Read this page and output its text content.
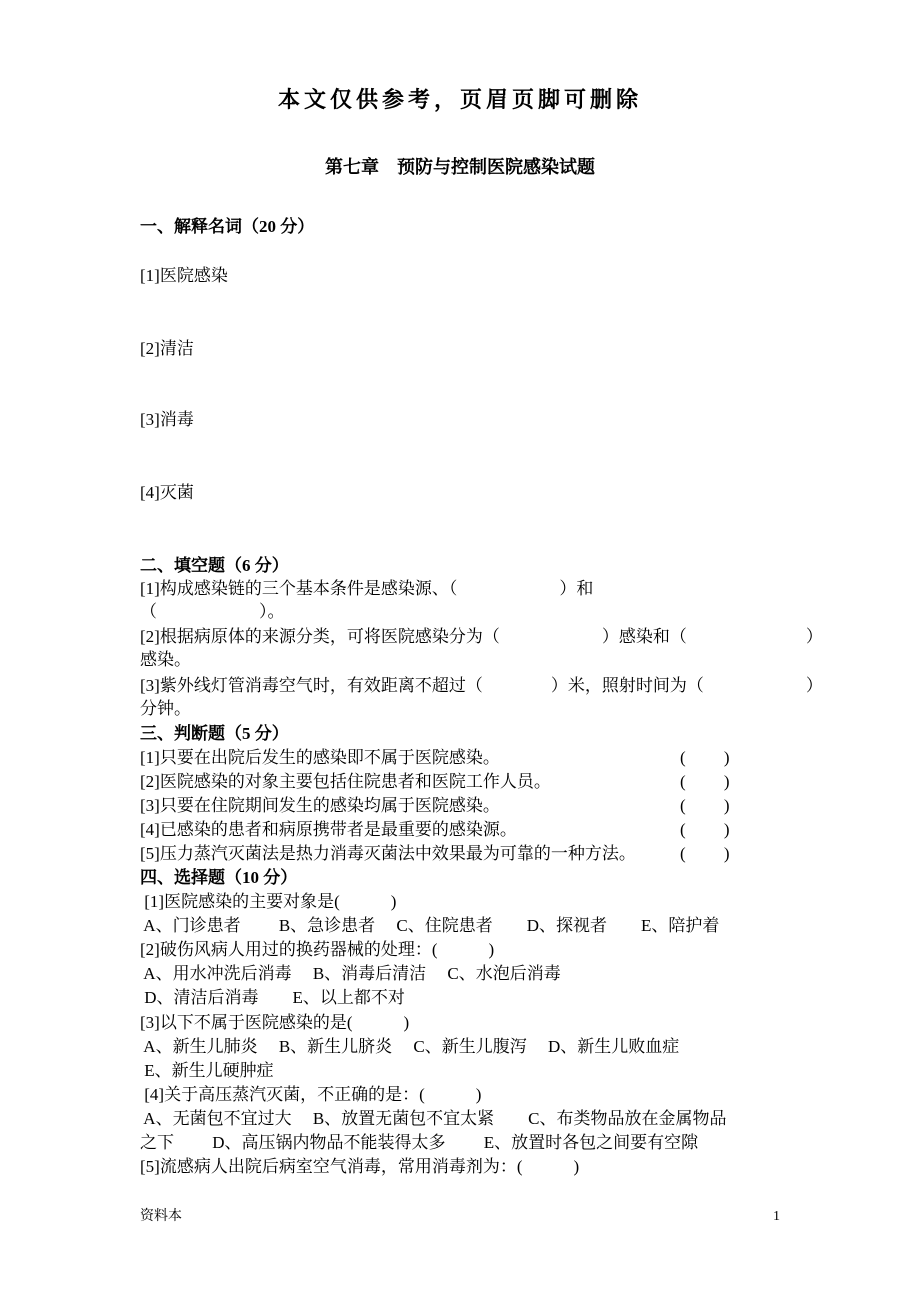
本文仅供参考，页眉页脚可删除
第七章　预防与控制医院感染试题
一、解释名词（20 分）
[1]医院感染
[2]清洁
[3]消毒
[4]灭菌
二、填空题（6 分）
[1]构成感染链的三个基本条件是感染源、（　　　　　　）和
（　　　　　　）。
[2]根据病原体的来源分类，可将医院感染分为（　　　　　　）感染和（　　　　　　　）
感染。
[3]紫外线灯管消毒空气时，有效距离不超过（　　　　）米，照射时间为（　　　　　　）
分钟。
三、判断题（5 分）
[1]只要在出院后发生的感染即不属于医院感染。	(　　 )
[2]医院感染的对象主要包括住院患者和医院工作人员。	(　　 )
[3]只要在住院期间发生的感染均属于医院感染。	(　　 )
[4]已感染的患者和病原携带者是最重要的感染源。	(　　 )
[5]压力蒸汽灭菌法是热力消毒灭菌法中效果最为可靠的一种方法。	(　　 )
四、选择题（10 分）
[1]医院感染的主要对象是(　　　)
A、门诊患者　　 B、急诊患者　 C、住院患者　　D、探视者　　E、陪护着
[2]破伤风病人用过的换药器械的处理：(　　　)
A、用水冲洗后消毒　 B、消毒后清洁　 C、水泡后消毒
D、清洁后消毒　　E、以上都不对
[3]以下不属于医院感染的是(　　　)
A、新生儿肺炎　 B、新生儿脐炎　 C、新生儿腹泻　 D、新生儿败血症
E、新生儿硬肿症
[4]关于高压蒸汽灭菌，不正确的是：(　　　)
A、无菌包不宜过大　 B、放置无菌包不宜太紧　　C、布类物品放在金属物品
之下　　 D、高压锅内物品不能装得太多　　 E、放置时各包之间要有空隙
[5]流感病人出院后病室空气消毒，常用消毒剂为：(　　　)
资料本	1
